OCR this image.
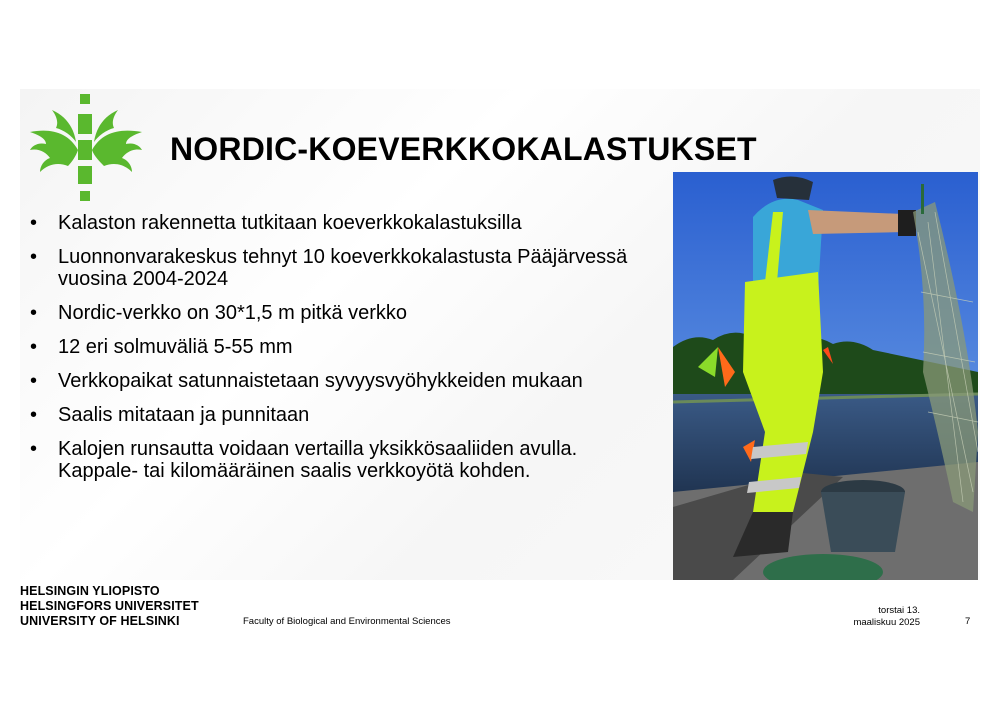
NORDIC-KOEVERKKOKALASTUKSET
• Kalaston rakennetta tutkitaan koeverkkokalastuksilla
• Luonnonvarakeskus tehnyt 10 koeverkkokalastusta Pääjärvessä vuosina 2004-2024
• Nordic-verkko on 30*1,5 m pitkä verkko
• 12 eri solmuväliä 5-55 mm
• Verkkopaikat satunnaistetaan syvyysvyöhykkeiden mukaan
• Saalis mitataan ja punnitaan
• Kalojen runsautta voidaan vertailla yksikkösaaliiden avulla. Kappale- tai kilomääräinen saalis verkkoyötä kohden.
HELSINGIN YLIOPISTO
HELSINGFORS UNIVERSITET
UNIVERSITY OF HELSINKI	Faculty of Biological and Environmental Sciences
torstai 13.
maaliskuu 2025	7
